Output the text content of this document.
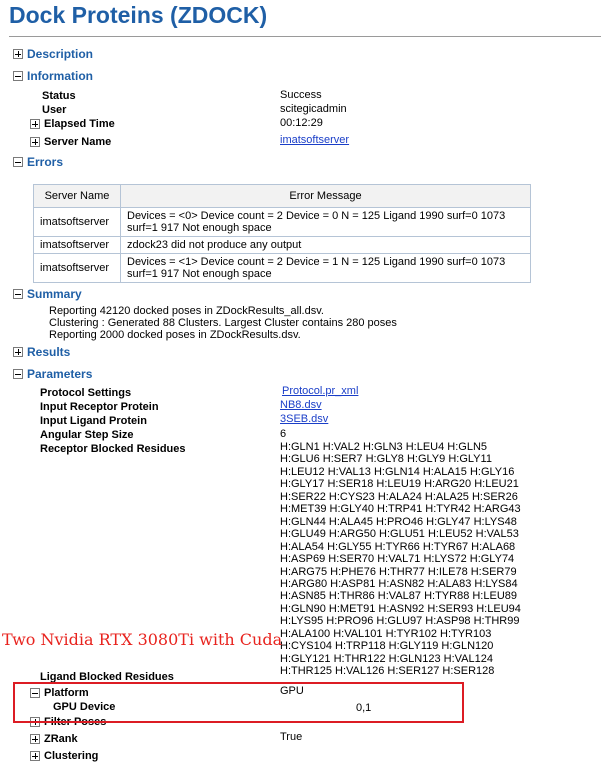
Dock Proteins (ZDOCK)
Description
Information
Status	Success
User	scitegicadmin
Elapsed Time	00:12:29
Server Name	imatsoftserver
Errors
Server Name	Error Message
imatsoftserver	Devices = <0> Device count = 2 Device = 0 N = 125 Ligand 1990 surf=0 1073 surf=1 917 Not enough space
imatsoftserver	zdock23 did not produce any output
imatsoftserver	Devices = <1> Device count = 2 Device = 1 N = 125 Ligand 1990 surf=0 1073 surf=1 917 Not enough space
Summary
Reporting 42120 docked poses in ZDockResults_all.dsv.
Clustering : Generated 88 Clusters. Largest Cluster contains 280 poses
Reporting 2000 docked poses in ZDockResults.dsv.
Results
Parameters
Protocol Settings	Protocol.pr_xml
Input Receptor Protein	NB8.dsv
Input Ligand Protein	3SEB.dsv
Angular Step Size	6
Receptor Blocked Residues	H:GLN1 H:VAL2 H:GLN3 H:LEU4 H:GLN5
H:GLU6 H:SER7 H:GLY8 H:GLY9 H:GLY11
H:LEU12 H:VAL13 H:GLN14 H:ALA15 H:GLY16
H:GLY17 H:SER18 H:LEU19 H:ARG20 H:LEU21
H:SER22 H:CYS23 H:ALA24 H:ALA25 H:SER26
H:MET39 H:GLY40 H:TRP41 H:TYR42 H:ARG43
H:GLN44 H:ALA45 H:PRO46 H:GLY47 H:LYS48
H:GLU49 H:ARG50 H:GLU51 H:LEU52 H:VAL53
H:ALA54 H:GLY55 H:TYR66 H:TYR67 H:ALA68
H:ASP69 H:SER70 H:VAL71 H:LYS72 H:GLY74
H:ARG75 H:PHE76 H:THR77 H:ILE78 H:SER79
H:ARG80 H:ASP81 H:ASN82 H:ALA83 H:LYS84
H:ASN85 H:THR86 H:VAL87 H:TYR88 H:LEU89
H:GLN90 H:MET91 H:ASN92 H:SER93 H:LEU94
H:LYS95 H:PRO96 H:GLU97 H:ASP98 H:THR99
H:ALA100 H:VAL101 H:TYR102 H:TYR103
H:CYS104 H:TRP118 H:GLY119 H:GLN120
H:GLY121 H:THR122 H:GLN123 H:VAL124
H:THR125 H:VAL126 H:SER127 H:SER128
Two Nvidia RTX 3080Ti with Cuda
Ligand Blocked Residues
Platform	GPU
GPU Device	0,1
Filter Poses
ZRank	True
Clustering
